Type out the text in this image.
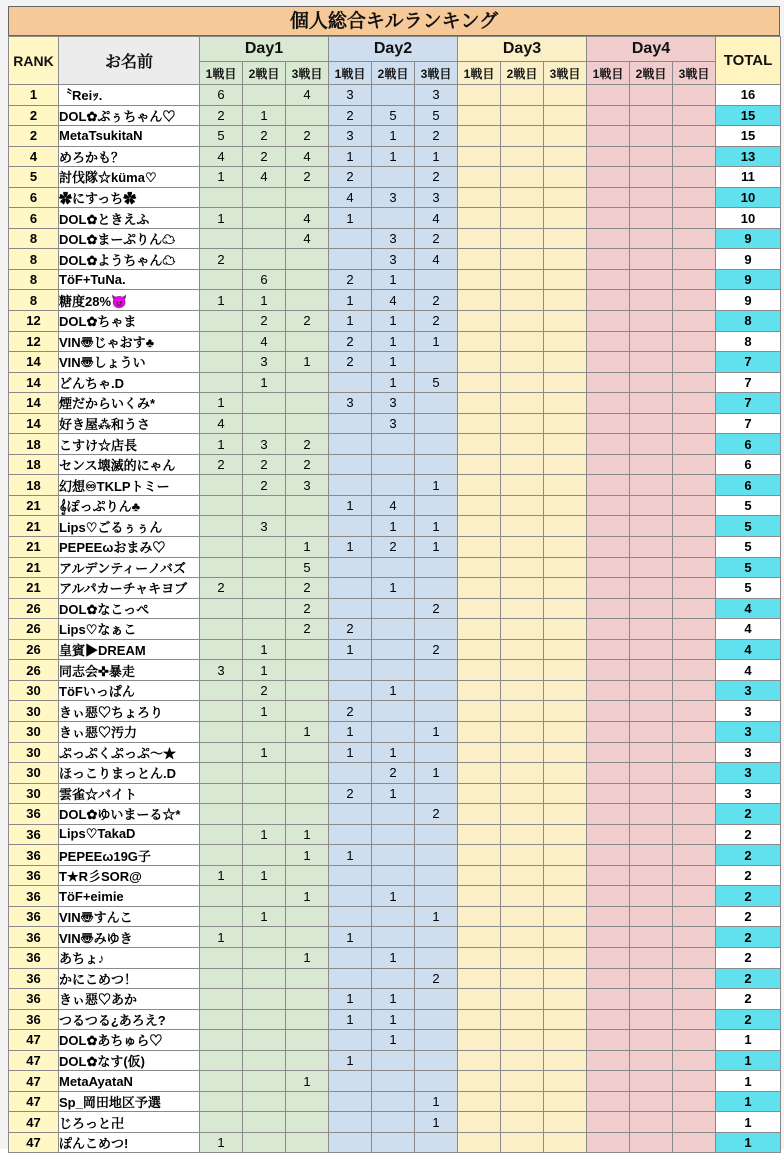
個人総合キルランキング
RANK	お名前	Day1			Day2			Day3			Day4			TOTAL
		1戦目	2戦目	3戦目	1戦目	2戦目	3戦目	1戦目	2戦目	3戦目	1戦目	2戦目	3戦目	
1	〝Reiｯ.	6		4	3		3							16
2	DOL✿ぷぅちゃん♡	2	1		2	5	5							15
2	MetaTsukitaN	5	2	2	3	1	2							15
4	めろかも？	4	2	4	1	1	1							13
5	討伐隊☆küma♡	1	4	2	2		2							11
6	✿にすっち✿				4	3	3							10
6	DOL✿ときえふ	1		4	1		4							10
8	DOL✿まーぷりん☁			4		3	2							9
8	DOL✿ようちゃん☁	2				3	4							9
8	TöF+TuNa.		6		2	1								9
8	糖度28%😈	1	1		1	4	2							9
12	DOL✿ちゃま		2	2	1	1	2							8
12	VIN〠じゃおす♣		4		2	1	1							8
14	VIN〠しょうい		3	1	2	1								7
14	どんちゃ.D		1			1	5							7
14	煙だからいくみ*	1			3	3								7
14	好き屋⁂和うさ	4				3								7
18	こすけ☆店長	1	3	2										6
18	センス壊滅的にゃん	2	2	2										6
18	幻想♾TKLPトミー		2	3			1							6
21	𝄞ぽっぷりん♣				1	4								5
21	Lips♡ごるぅぅん		3			1	1							5
21	PEPEEωおまみ♡			1	1	2	1							5
21	アルデンティーノバズ			5										5
21	アルパカーチャキヨブ	2		2		1								5
26	DOL✿なこっぺ			2			2							4
26	Lips♡なぁこ			2	2									4
26	皇賓▶DREAM		1		1		2							4
26	同志会✜暴走	3	1											4
30	TöFいっぱん		2			1								3
30	きぃ惡♡ちょろり		1		2									3
30	きぃ惡♡汚力			1	1		1							3
30	ぷっぷくぷっぷ～★		1		1	1								3
30	ほっこりまっとん.D					2	1							3
30	雲雀☆バイト				2	1								3
36	DOL✿ゆいまーる☆*						2							2
36	Lips♡TakaD		1	1										2
36	PEPEEω19G子			1	1									2
36	T★R彡SOR@	1	1											2
36	TöF+eimie			1		1								2
36	VIN〠すんこ		1				1							2
36	VIN〠みゆき	1			1									2
36	あちょ♪			1		1								2
36	かにこめつ！						2							2
36	きぃ惡♡あか				1	1								2
36	つるつる¿あろえ?				1	1								2
47	DOL✿あちゅら♡					1								1
47	DOL✿なす(仮)				1									1
47	MetaAyataN			1										1
47	Sp_岡田地区予選						1							1
47	じろっと卍						1							1
47	ぽんこめつ!	1												1
